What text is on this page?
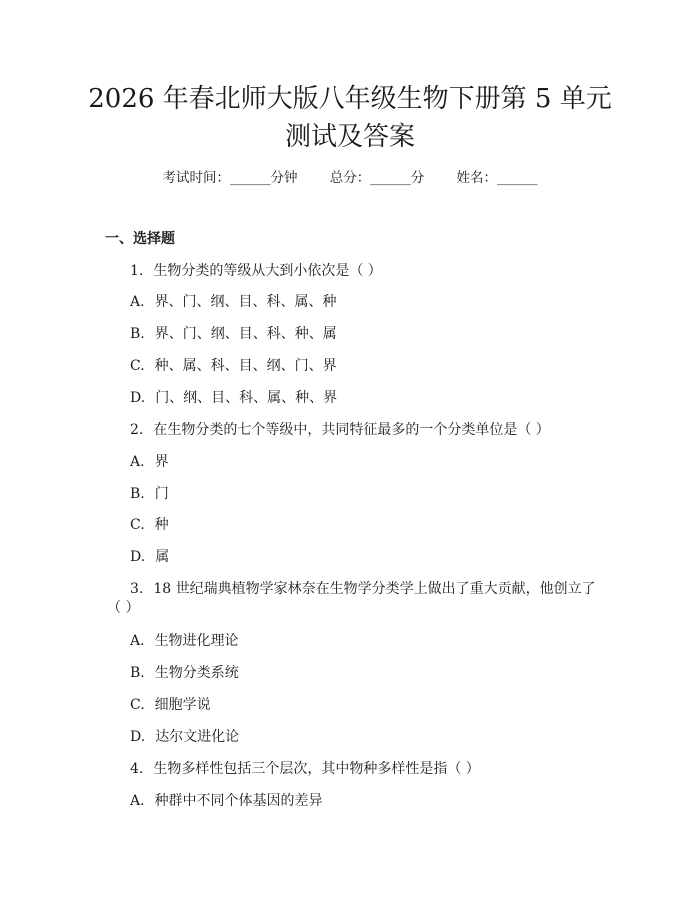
2026 年春北师大版八年级生物下册第 5 单元
测试及答案
考试时间：______分钟 总分：______分 姓名：______
一、选择题
1. 生物分类的等级从大到小依次是（ ）
A. 界、门、纲、目、科、属、种
B. 界、门、纲、目、科、种、属
C. 种、属、科、目、纲、门、界
D. 门、纲、目、科、属、种、界
2. 在生物分类的七个等级中，共同特征最多的一个分类单位是（ ）
A. 界
B. 门
C. 种
D. 属
3. 18 世纪瑞典植物学家林奈在生物学分类学上做出了重大贡献，他创立了
（ ）
A. 生物进化理论
B. 生物分类系统
C. 细胞学说
D. 达尔文进化论
4. 生物多样性包括三个层次，其中物种多样性是指（ ）
A. 种群中不同个体基因的差异
